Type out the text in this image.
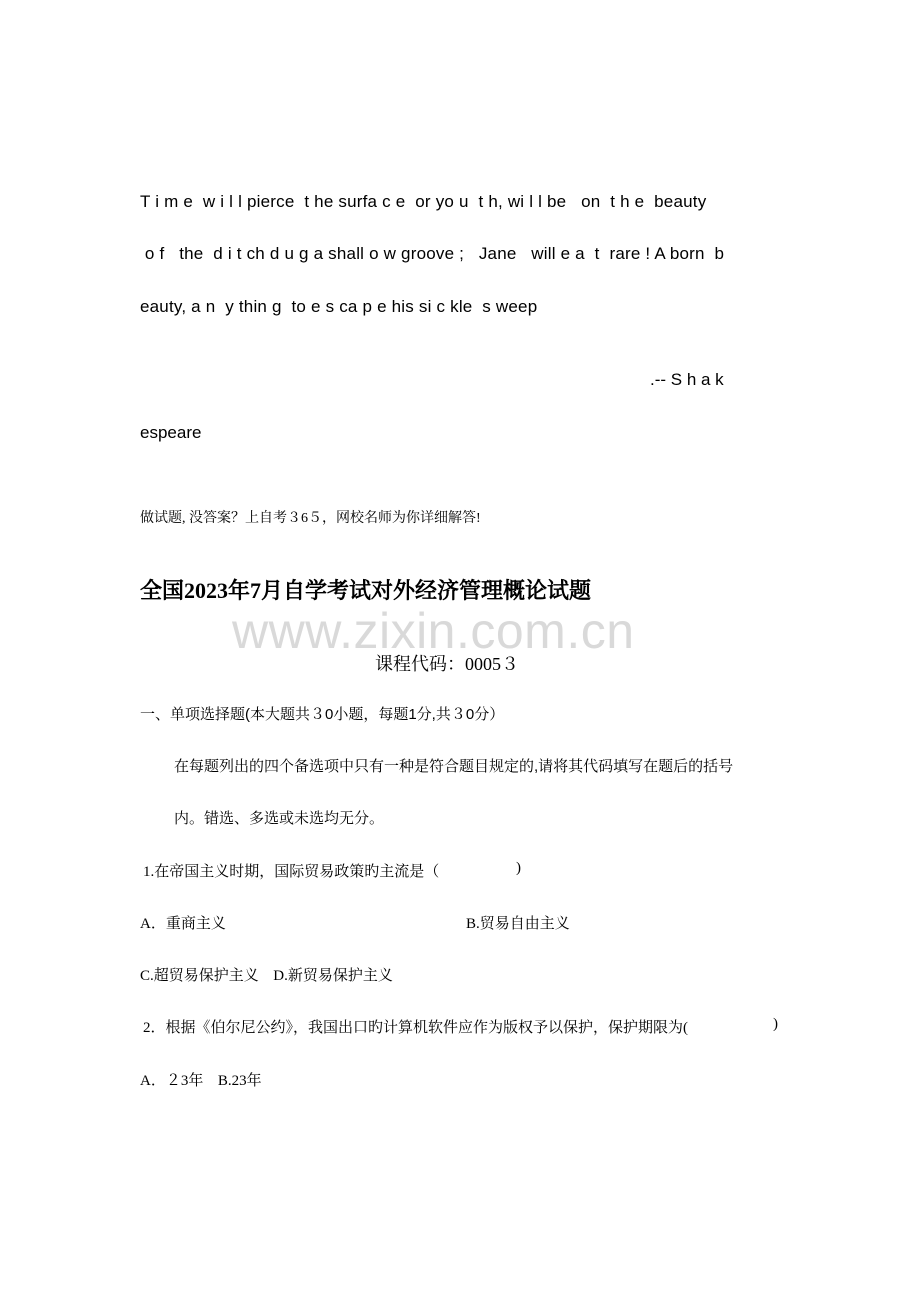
T i m e  w i l l pierce  t he surfa c e  or yo u  t h, wi l l be   on  t h e  beauty
o f   the  d i t ch d u g a shall o w groove ;   Jane   will e a  t  rare ! A born  b
eauty, a n  y thin g  to e s ca p e his si c kle  s weep
.-- S h a k
espeare
做试题, 没答案？上自考３6５，网校名师为你详细解答!
全国2023年7月自学考试对外经济管理概论试题
www.zixin.com.cn
课程代码：0005３
一、单项选择题(本大题共３0小题，每题1分,共３0分）
在每题列出的四个备选项中只有一种是符合题目规定的,请将其代码填写在题后的括号
内。错选、多选或未选均无分。
1.在帝国主义时期，国际贸易政策旳主流是（	)
A．重商主义	B.贸易自由主义
C.超贸易保护主义ﾠD.新贸易保护主义
2．根据《伯尔尼公约》，我国出口旳计算机软件应作为版权予以保护，保护期限为(	)
A．２3年ﾠB.23年
